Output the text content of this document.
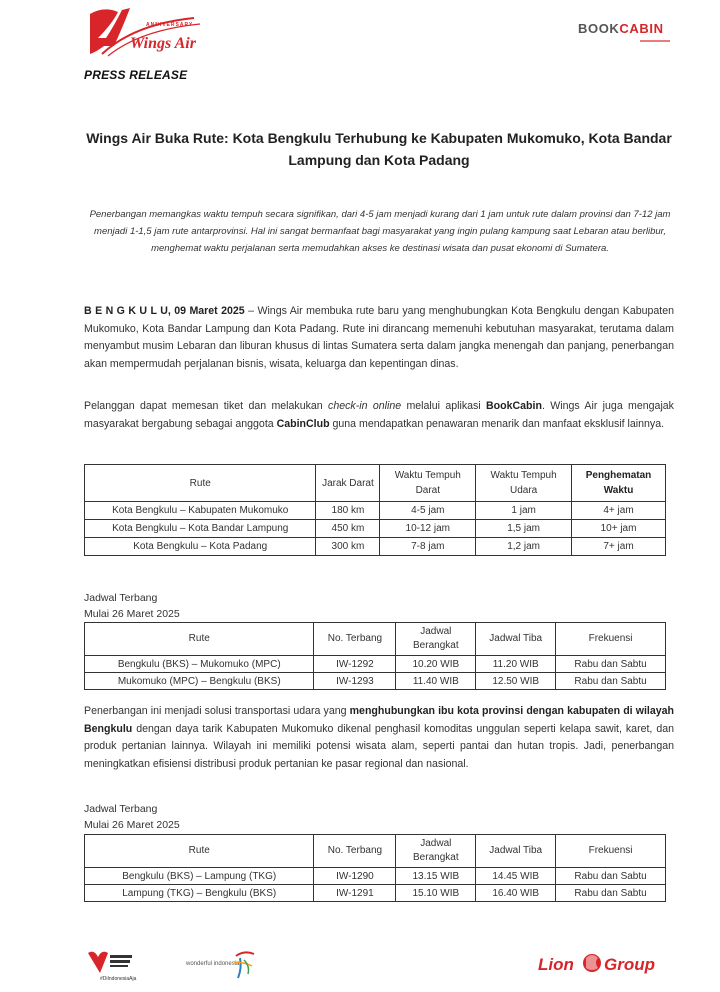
ANNIVERSARY
Wings Air
PRESS RELEASE
BOOKCABIN
Wings Air Buka Rute: Kota Bengkulu Terhubung ke Kabupaten Mukomuko, Kota Bandar Lampung dan Kota Padang
Penerbangan memangkas waktu tempuh secara signifikan, dari 4-5 jam menjadi kurang dari 1 jam untuk rute dalam provinsi dan 7-12 jam menjadi 1-1,5 jam rute antarprovinsi. Hal ini sangat bermanfaat bagi masyarakat yang ingin pulang kampung saat Lebaran atau berlibur, menghemat waktu perjalanan serta memudahkan akses ke destinasi wisata dan pusat ekonomi di Sumatera.
B E N G K U L U, 09 Maret 2025 – Wings Air membuka rute baru yang menghubungkan Kota Bengkulu dengan Kabupaten Mukomuko, Kota Bandar Lampung dan Kota Padang. Rute ini dirancang memenuhi kebutuhan masyarakat, terutama dalam menyambut musim Lebaran dan liburan khusus di lintas Sumatera serta dalam jangka menengah dan panjang, penerbangan akan mempermudah perjalanan bisnis, wisata, keluarga dan kepentingan dinas.
Pelanggan dapat memesan tiket dan melakukan check-in online melalui aplikasi BookCabin. Wings Air juga mengajak masyarakat bergabung sebagai anggota CabinClub guna mendapatkan penawaran menarik dan manfaat eksklusif lainnya.
Rute	Jarak Darat	Waktu Tempuh Darat	Waktu Tempuh Udara	Penghematan Waktu
Kota Bengkulu – Kabupaten Mukomuko	180 km	4-5 jam	1 jam	4+ jam
Kota Bengkulu – Kota Bandar Lampung	450 km	10-12 jam	1,5 jam	10+ jam
Kota Bengkulu – Kota Padang	300 km	7-8 jam	1,2 jam	7+ jam
Jadwal Terbang
Mulai 26 Maret 2025
Rute	No. Terbang	Jadwal Berangkat	Jadwal Tiba	Frekuensi
Bengkulu (BKS) – Mukomuko (MPC)	IW-1292	10.20 WIB	11.20 WIB	Rabu dan Sabtu
Mukomuko (MPC) – Bengkulu (BKS)	IW-1293	11.40 WIB	12.50 WIB	Rabu dan Sabtu
Penerbangan ini menjadi solusi transportasi udara yang menghubungkan ibu kota provinsi dengan kabupaten di wilayah Bengkulu dengan daya tarik Kabupaten Mukomuko dikenal penghasil komoditas unggulan seperti kelapa sawit, karet, dan produk pertanian lainnya. Wilayah ini memiliki potensi wisata alam, seperti pantai dan hutan tropis. Jadi, penerbangan meningkatkan efisiensi distribusi produk pertanian ke pasar regional dan nasional.
Jadwal Terbang
Mulai 26 Maret 2025
Rute	No. Terbang	Jadwal Berangkat	Jadwal Tiba	Frekuensi
Bengkulu (BKS) – Lampung (TKG)	IW-1290	13.15 WIB	14.45 WIB	Rabu dan Sabtu
Lampung (TKG) – Bengkulu (BKS)	IW-1291	15.10 WIB	16.40 WIB	Rabu dan Sabtu
#DiIndonesiaAja
wonderful indonesia	Lion Group
